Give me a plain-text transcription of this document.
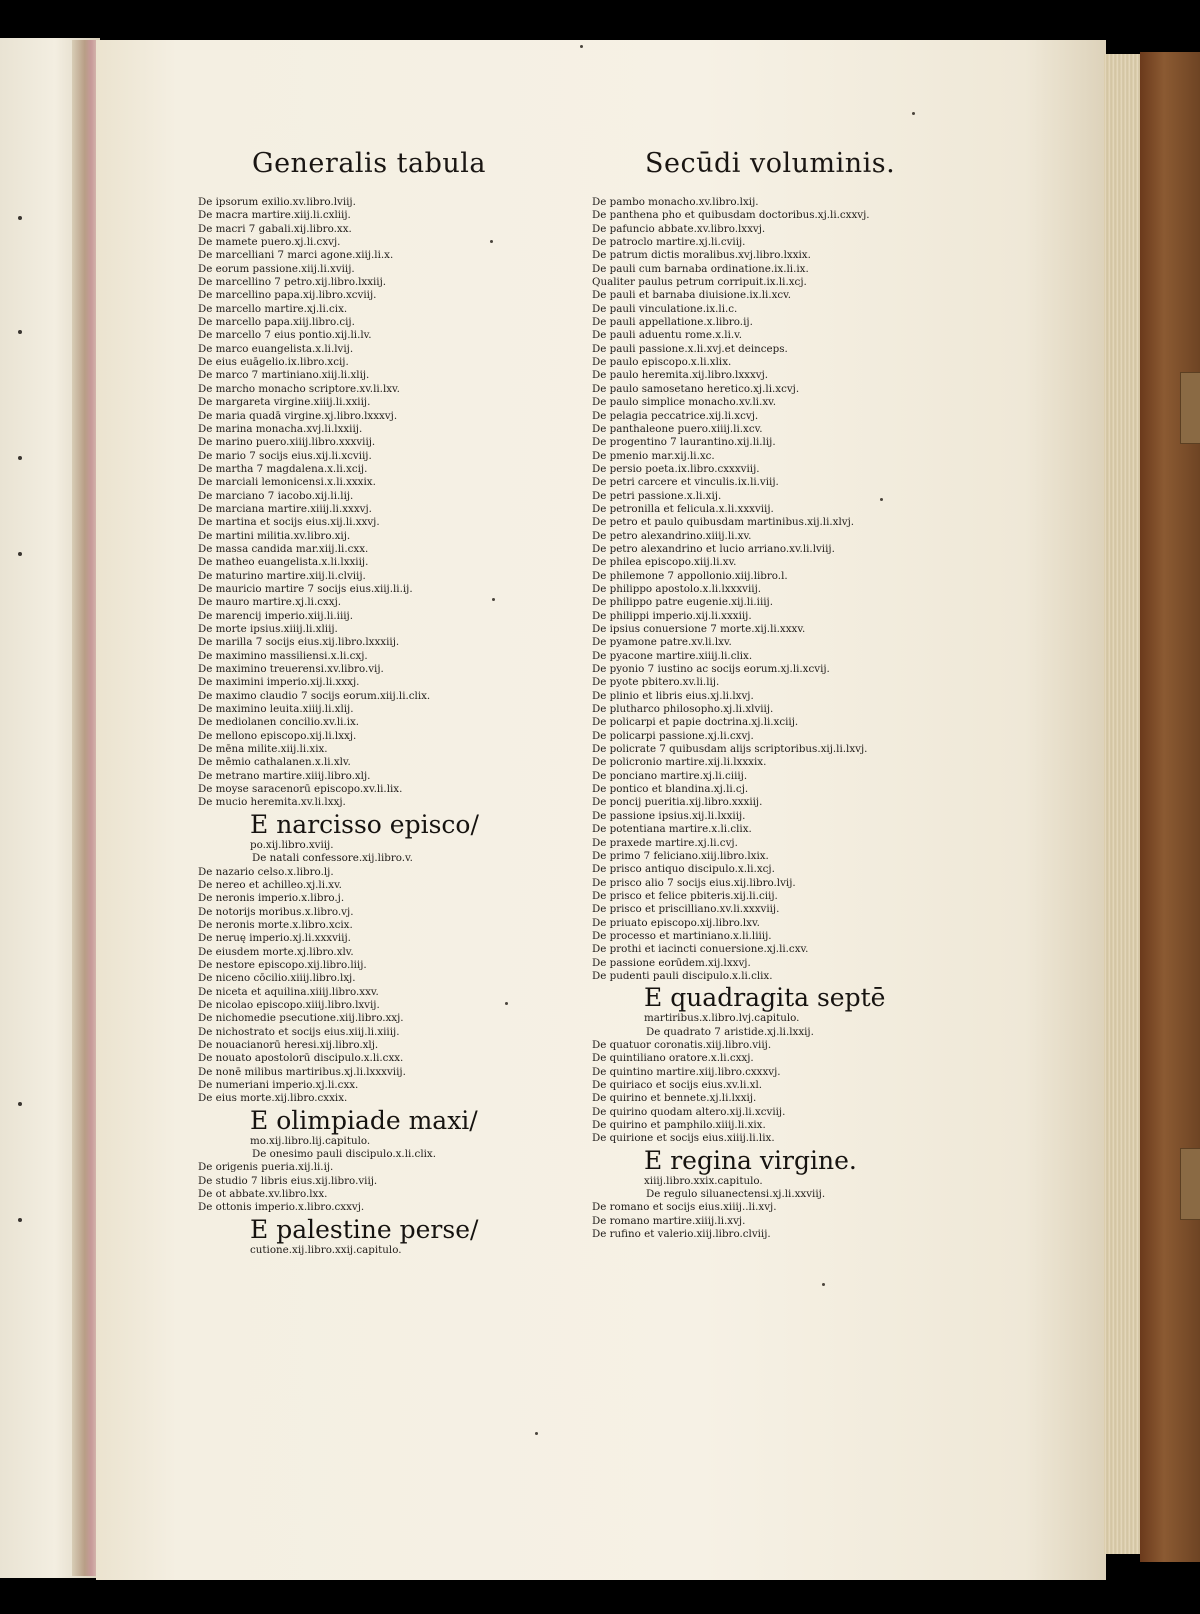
Generalis tabula	Secūdi voluminis.
De ipsorum exilio.xv.libro.lviij.
De macra martire.xiij.li.cxliij.
De macri 7 gabali.xij.libro.xx.
De mamete puero.xj.li.cxvj.
De marcelliani 7 marci agone.xiij.li.x.
De eorum passione.xiij.li.xviij.
De marcellino 7 petro.xij.libro.lxxiij.
De marcellino papa.xij.libro.xcviij.
De marcello martire.xj.li.cix.
De marcello papa.xiij.libro.cij.
De marcello 7 eius pontio.xij.li.lv.
De marco euangelista.x.li.lvij.
De eius euāgelio.ix.libro.xcij.
De marco 7 martiniano.xiij.li.xlij.
De marcho monacho scriptore.xv.li.lxv.
De margareta virgine.xiiij.li.xxiij.
De maria quadā virgine.xj.libro.lxxxvj.
De marina monacha.xvj.li.lxxiij.
De marino puero.xiiij.libro.xxxviij.
De mario 7 socijs eius.xij.li.xcviij.
De martha 7 magdalena.x.li.xcij.
De marciali lemonicensi.x.li.xxxix.
De marciano 7 iacobo.xij.li.lij.
De marciana martire.xiiij.li.xxxvj.
De martina et socijs eius.xij.li.xxvj.
De martini militia.xv.libro.xij.
De massa candida mar.xiij.li.cxx.
De matheo euangelista.x.li.lxxiij.
De maturino martire.xiij.li.clviij.
De mauricio martire 7 socijs eius.xiij.li.ij.
De mauro martire.xj.li.cxxj.
De marencij imperio.xiij.li.iiij.
De morte ipsius.xiiij.li.xliij.
De marilla 7 socijs eius.xij.libro.lxxxiij.
De maximino massiliensi.x.li.cxj.
De maximino treuerensi.xv.libro.vij.
De maximini imperio.xij.li.xxxj.
De maximo claudio 7 socijs eorum.xiij.li.clix.
De maximino leuita.xiiij.li.xlij.
De mediolanen concilio.xv.li.ix.
De mellono episcopo.xij.li.lxxj.
De mēna milite.xiij.li.xix.
De mēmio cathalanen.x.li.xlv.
De metrano martire.xiiij.libro.xlj.
De moyse saracenorū episcopo.xv.li.lix.
De mucio heremita.xv.li.lxxj.
E narcisso episco/
po.xij.libro.xviij.
De natali confessore.xij.libro.v.
De nazario celso.x.libro.lj.
De nereo et achilleo.xj.li.xv.
De neronis imperio.x.libro.j.
De notorijs moribus.x.libro.vj.
De neronis morte.x.libro.xcix.
De neruę imperio.xj.li.xxxviij.
De eiusdem morte.xj.libro.xlv.
De nestore episcopo.xij.libro.liij.
De niceno cōcilio.xiiij.libro.lxj.
De niceta et aquilina.xiiij.libro.xxv.
De nicolao episcopo.xiiij.libro.lxvij.
De nichomedie psecutione.xiij.libro.xxj.
De nichostrato et socijs eius.xiij.li.xiiij.
De nouacianorū heresi.xij.libro.xlj.
De nouato apostolorū discipulo.x.li.cxx.
De nonē milibus martiribus.xj.li.lxxxviij.
De numeriani imperio.xj.li.cxx.
De eius morte.xij.libro.cxxix.
E olimpiade maxi/
mo.xij.libro.lij.capitulo.
De onesimo pauli discipulo.x.li.clix.
De origenis pueria.xij.li.ij.
De studio 7 libris eius.xij.libro.viij.
De ot abbate.xv.libro.lxx.
De ottonis imperio.x.libro.cxxvj.
E palestine perse/
cutione.xij.libro.xxij.capitulo.
De pambo monacho.xv.libro.lxij.
De panthena pho et quibusdam doctoribus.xj.li.cxxvj.
De pafuncio abbate.xv.libro.lxxvj.
De patroclo martire.xj.li.cviij.
De patrum dictis moralibus.xvj.libro.lxxix.
De pauli cum barnaba ordinatione.ix.li.ix.
Qualiter paulus petrum corripuit.ix.li.xcj.
De pauli et barnaba diuisione.ix.li.xcv.
De pauli vinculatione.ix.li.c.
De pauli appellatione.x.libro.ij.
De pauli aduentu rome.x.li.v.
De pauli passione.x.li.xvj.et deinceps.
De paulo episcopo.x.li.xlix.
De paulo heremita.xij.libro.lxxxvj.
De paulo samosetano heretico.xj.li.xcvj.
De paulo simplice monacho.xv.li.xv.
De pelagia peccatrice.xij.li.xcvj.
De panthaleone puero.xiiij.li.xcv.
De progentino 7 laurantino.xij.li.lij.
De pmenio mar.xij.li.xc.
De persio poeta.ix.libro.cxxxviij.
De petri carcere et vinculis.ix.li.viij.
De petri passione.x.li.xij.
De petronilla et felicula.x.li.xxxviij.
De petro et paulo quibusdam martinibus.xij.li.xlvj.
De petro alexandrino.xiiij.li.xv.
De petro alexandrino et lucio arriano.xv.li.lviij.
De philea episcopo.xiij.li.xv.
De philemone 7 appollonio.xiij.libro.l.
De philippo apostolo.x.li.lxxxviij.
De philippo patre eugenie.xij.li.iiij.
De philippi imperio.xij.li.xxxiij.
De ipsius conuersione 7 morte.xij.li.xxxv.
De pyamone patre.xv.li.lxv.
De pyacone martire.xiiij.li.clix.
De pyonio 7 iustino ac socijs eorum.xj.li.xcvij.
De pyote pbitero.xv.li.lij.
De plinio et libris eius.xj.li.lxvj.
De plutharco philosopho.xj.li.xlviij.
De policarpi et papie doctrina.xj.li.xciij.
De policarpi passione.xj.li.cxvj.
De policrate 7 quibusdam alijs scriptoribus.xij.li.lxvj.
De policronio martire.xij.li.lxxxix.
De ponciano martire.xj.li.ciiij.
De pontico et blandina.xj.li.cj.
De poncij pueritia.xij.libro.xxxiij.
De passione ipsius.xij.li.lxxiij.
De potentiana martire.x.li.clix.
De praxede martire.xj.li.cvj.
De primo 7 feliciano.xiij.libro.lxix.
De prisco antiquo discipulo.x.li.xcj.
De prisco alio 7 socijs eius.xij.libro.lvij.
De prisco et felice pbiteris.xij.li.ciij.
De prisco et priscilliano.xv.li.xxxviij.
De priuato episcopo.xij.libro.lxv.
De processo et martiniano.x.li.liiij.
De prothi et iacincti conuersione.xj.li.cxv.
De passione eorūdem.xij.lxxvj.
De pudenti pauli discipulo.x.li.clix.
E quadragita septē
martiribus.x.libro.lvj.capitulo.
De quadrato 7 aristide.xj.li.lxxij.
De quatuor coronatis.xiij.libro.viij.
De quintiliano oratore.x.li.cxxj.
De quintino martire.xiij.libro.cxxxvj.
De quiriaco et socijs eius.xv.li.xl.
De quirino et bennete.xj.li.lxxij.
De quirino quodam altero.xij.li.xcviij.
De quirino et pamphilo.xiiij.li.xix.
De quirione et socijs eius.xiiij.li.lix.
E regina virgine.
xiiij.libro.xxix.capitulo.
De regulo siluanectensi.xj.li.xxviij.
De romano et socijs eius.xiiij..li.xvj.
De romano martire.xiiij.li.xvj.
De rufino et valerio.xiij.libro.clviij.
